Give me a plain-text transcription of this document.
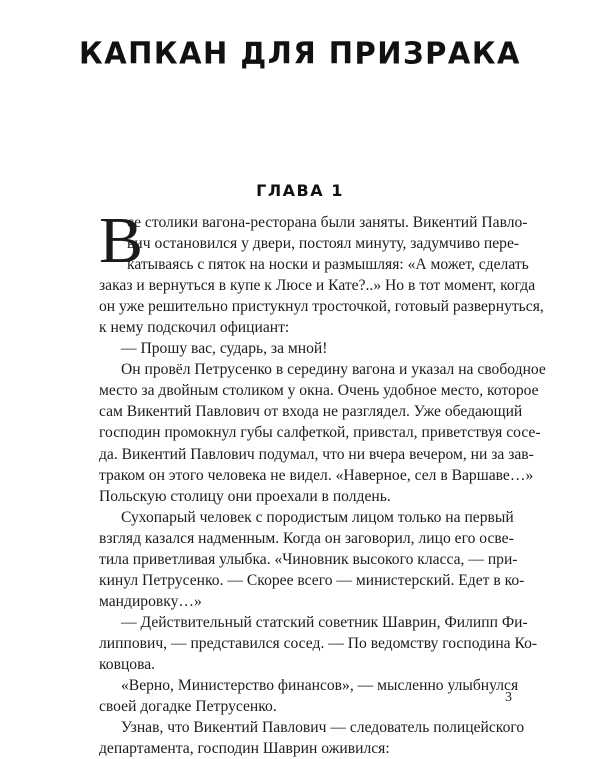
КАПКАН ДЛЯ ПРИЗРАКА
ГЛАВА 1
В
се столики вагона-ресторана были заняты. Викентий Павло-
вич остановился у двери, постоял минуту, задумчиво пере-
катываясь с пяток на носки и размышляя: «А может, сделать
заказ и вернуться в купе к Люсе и Кате?..» Но в тот момент, когда
он уже решительно пристукнул тросточкой, готовый развернуться,
к нему подскочил официант:
— Прошу вас, сударь, за мной!
Он провёл Петрусенко в середину вагона и указал на свободное
место за двойным столиком у окна. Очень удобное место, которое
сам Викентий Павлович от входа не разглядел. Уже обедающий
господин промокнул губы салфеткой, привстал, приветствуя сосе-
да. Викентий Павлович подумал, что ни вчера вечером, ни за зав-
траком он этого человека не видел. «Наверное, сел в Варшаве…»
Польскую столицу они проехали в полдень.
Сухопарый человек с породистым лицом только на первый
взгляд казался надменным. Когда он заговорил, лицо его осве-
тила приветливая улыбка. «Чиновник высокого класса, — при-
кинул Петрусенко. — Скорее всего — министерский. Едет в ко-
мандировку…»
— Действительный статский советник Шаврин, Филипп Фи-
липпович, — представился сосед. — По ведомству господина Ко-
ковцова.
«Верно, Министерство финансов», — мысленно улыбнулся
своей догадке Петрусенко.
Узнав, что Викентий Павлович — следователь полицейского
департамента, господин Шаврин оживился:
3
